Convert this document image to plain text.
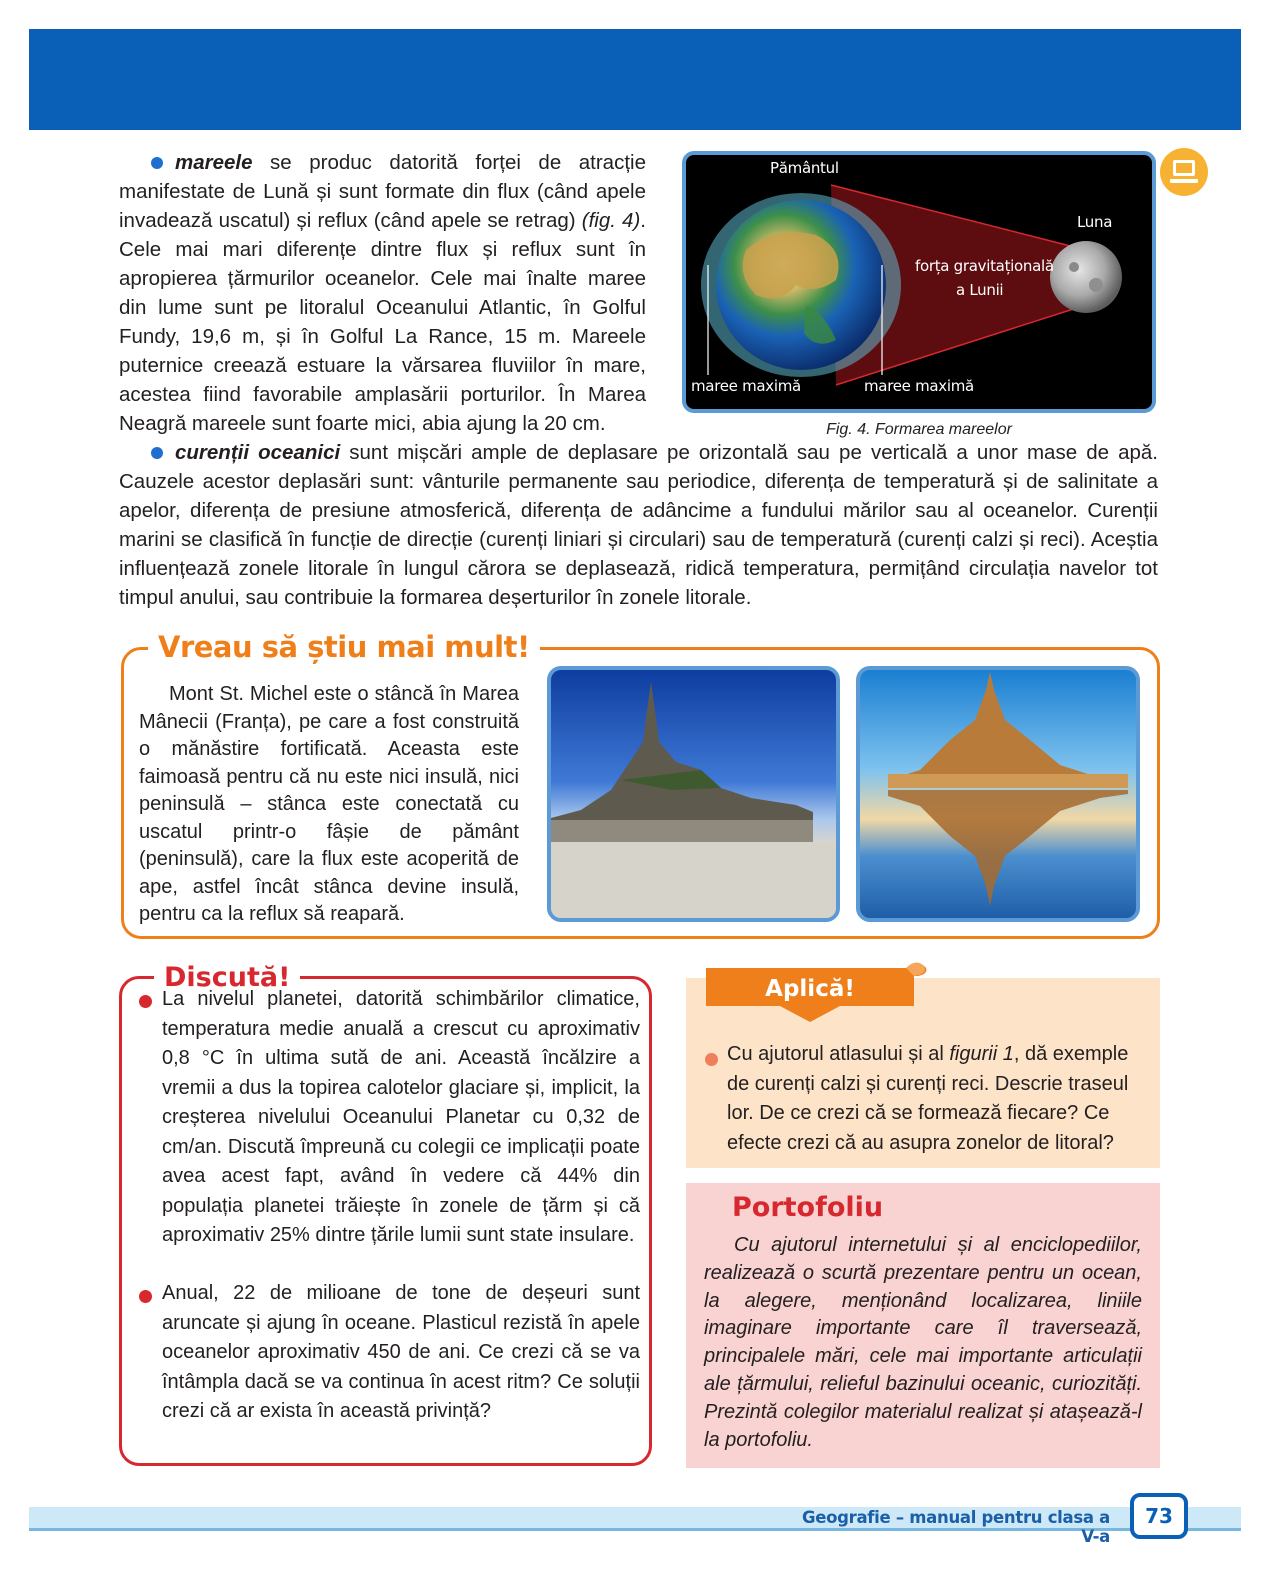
mareele se produc datorită forței de atracție manifestate de Lună și sunt formate din flux (când apele invadează uscatul) și reflux (când apele se retrag) (fig. 4). Cele mai mari diferențe dintre flux și reflux sunt în apropierea țărmurilor oceanelor. Cele mai înalte maree din lume sunt pe litoralul Oceanului Atlantic, în Golful Fundy, 19,6 m, și în Golful La Rance, 15 m. Mareele puternice creează estuare la vărsarea fluviilor în mare, acestea fiind favorabile amplasării porturilor. În Marea Neagră mareele sunt foarte mici, abia ajung la 20 cm.
Pământul
Luna
forța gravitațională
a Lunii
maree maximă	maree maximă
Fig. 4. Formarea mareelor
curenții oceanici sunt mișcări ample de deplasare pe orizontală sau pe verticală a unor mase de apă. Cauzele acestor deplasări sunt: vânturile permanente sau periodice, diferența de temperatură și de salinitate a apelor, diferența de presiune atmosferică, diferența de adâncime a fundului mărilor sau al oceanelor. Curenții marini se clasifică în funcție de direcție (curenți liniari și circulari) sau de temperatură (curenți calzi și reci). Aceștia influențează zonele litorale în lungul cărora se deplasează, ridică temperatura, permițând circulația navelor tot timpul anului, sau contribuie la formarea deșerturilor în zonele litorale.
Vreau să știu mai mult!
Mont St. Michel este o stâncă în Marea Mânecii (Franța), pe care a fost construită o mănăstire fortificată. Aceasta este faimoasă pentru că nu este nici insulă, nici peninsulă – stânca este conectată cu uscatul printr-o fâșie de pământ (peninsulă), care la flux este acoperită de ape, astfel încât stânca devine insulă, pentru ca la reflux să reapară.
Discută!
La nivelul planetei, datorită schimbărilor climatice, temperatura medie anuală a crescut cu aproximativ 0,8 °C în ultima sută de ani. Această încălzire a vremii a dus la topirea calotelor glaciare și, implicit, la creșterea nivelului Oceanului Planetar cu 0,32 de cm/an. Discută împreună cu colegii ce implicații poate avea acest fapt, având în vedere că 44% din populația planetei trăiește în zonele de țărm și că aproximativ 25% dintre țările lumii sunt state insulare.
Anual, 22 de milioane de tone de deșeuri sunt aruncate și ajung în oceane. Plasticul rezistă în apele oceanelor aproximativ 450 de ani. Ce crezi că se va întâmpla dacă se va continua în acest ritm? Ce soluții crezi că ar exista în această privință?
Aplică!
Cu ajutorul atlasului și al figurii 1, dă exemple de curenți calzi și curenți reci. Descrie traseul lor. De ce crezi că se formează fiecare? Ce efecte crezi că au asupra zonelor de litoral?
Portofoliu
Cu ajutorul internetului și al enciclopediilor, realizează o scurtă prezentare pentru un ocean, la alegere, menționând localizarea, liniile imaginare importante care îl traversează, principalele mări, cele mai importante articulații ale țărmului, relieful bazinului oceanic, curiozități. Prezintă colegilor materialul realizat și atașează-l la portofoliu.
Geografie – manual pentru clasa a V-a
73
